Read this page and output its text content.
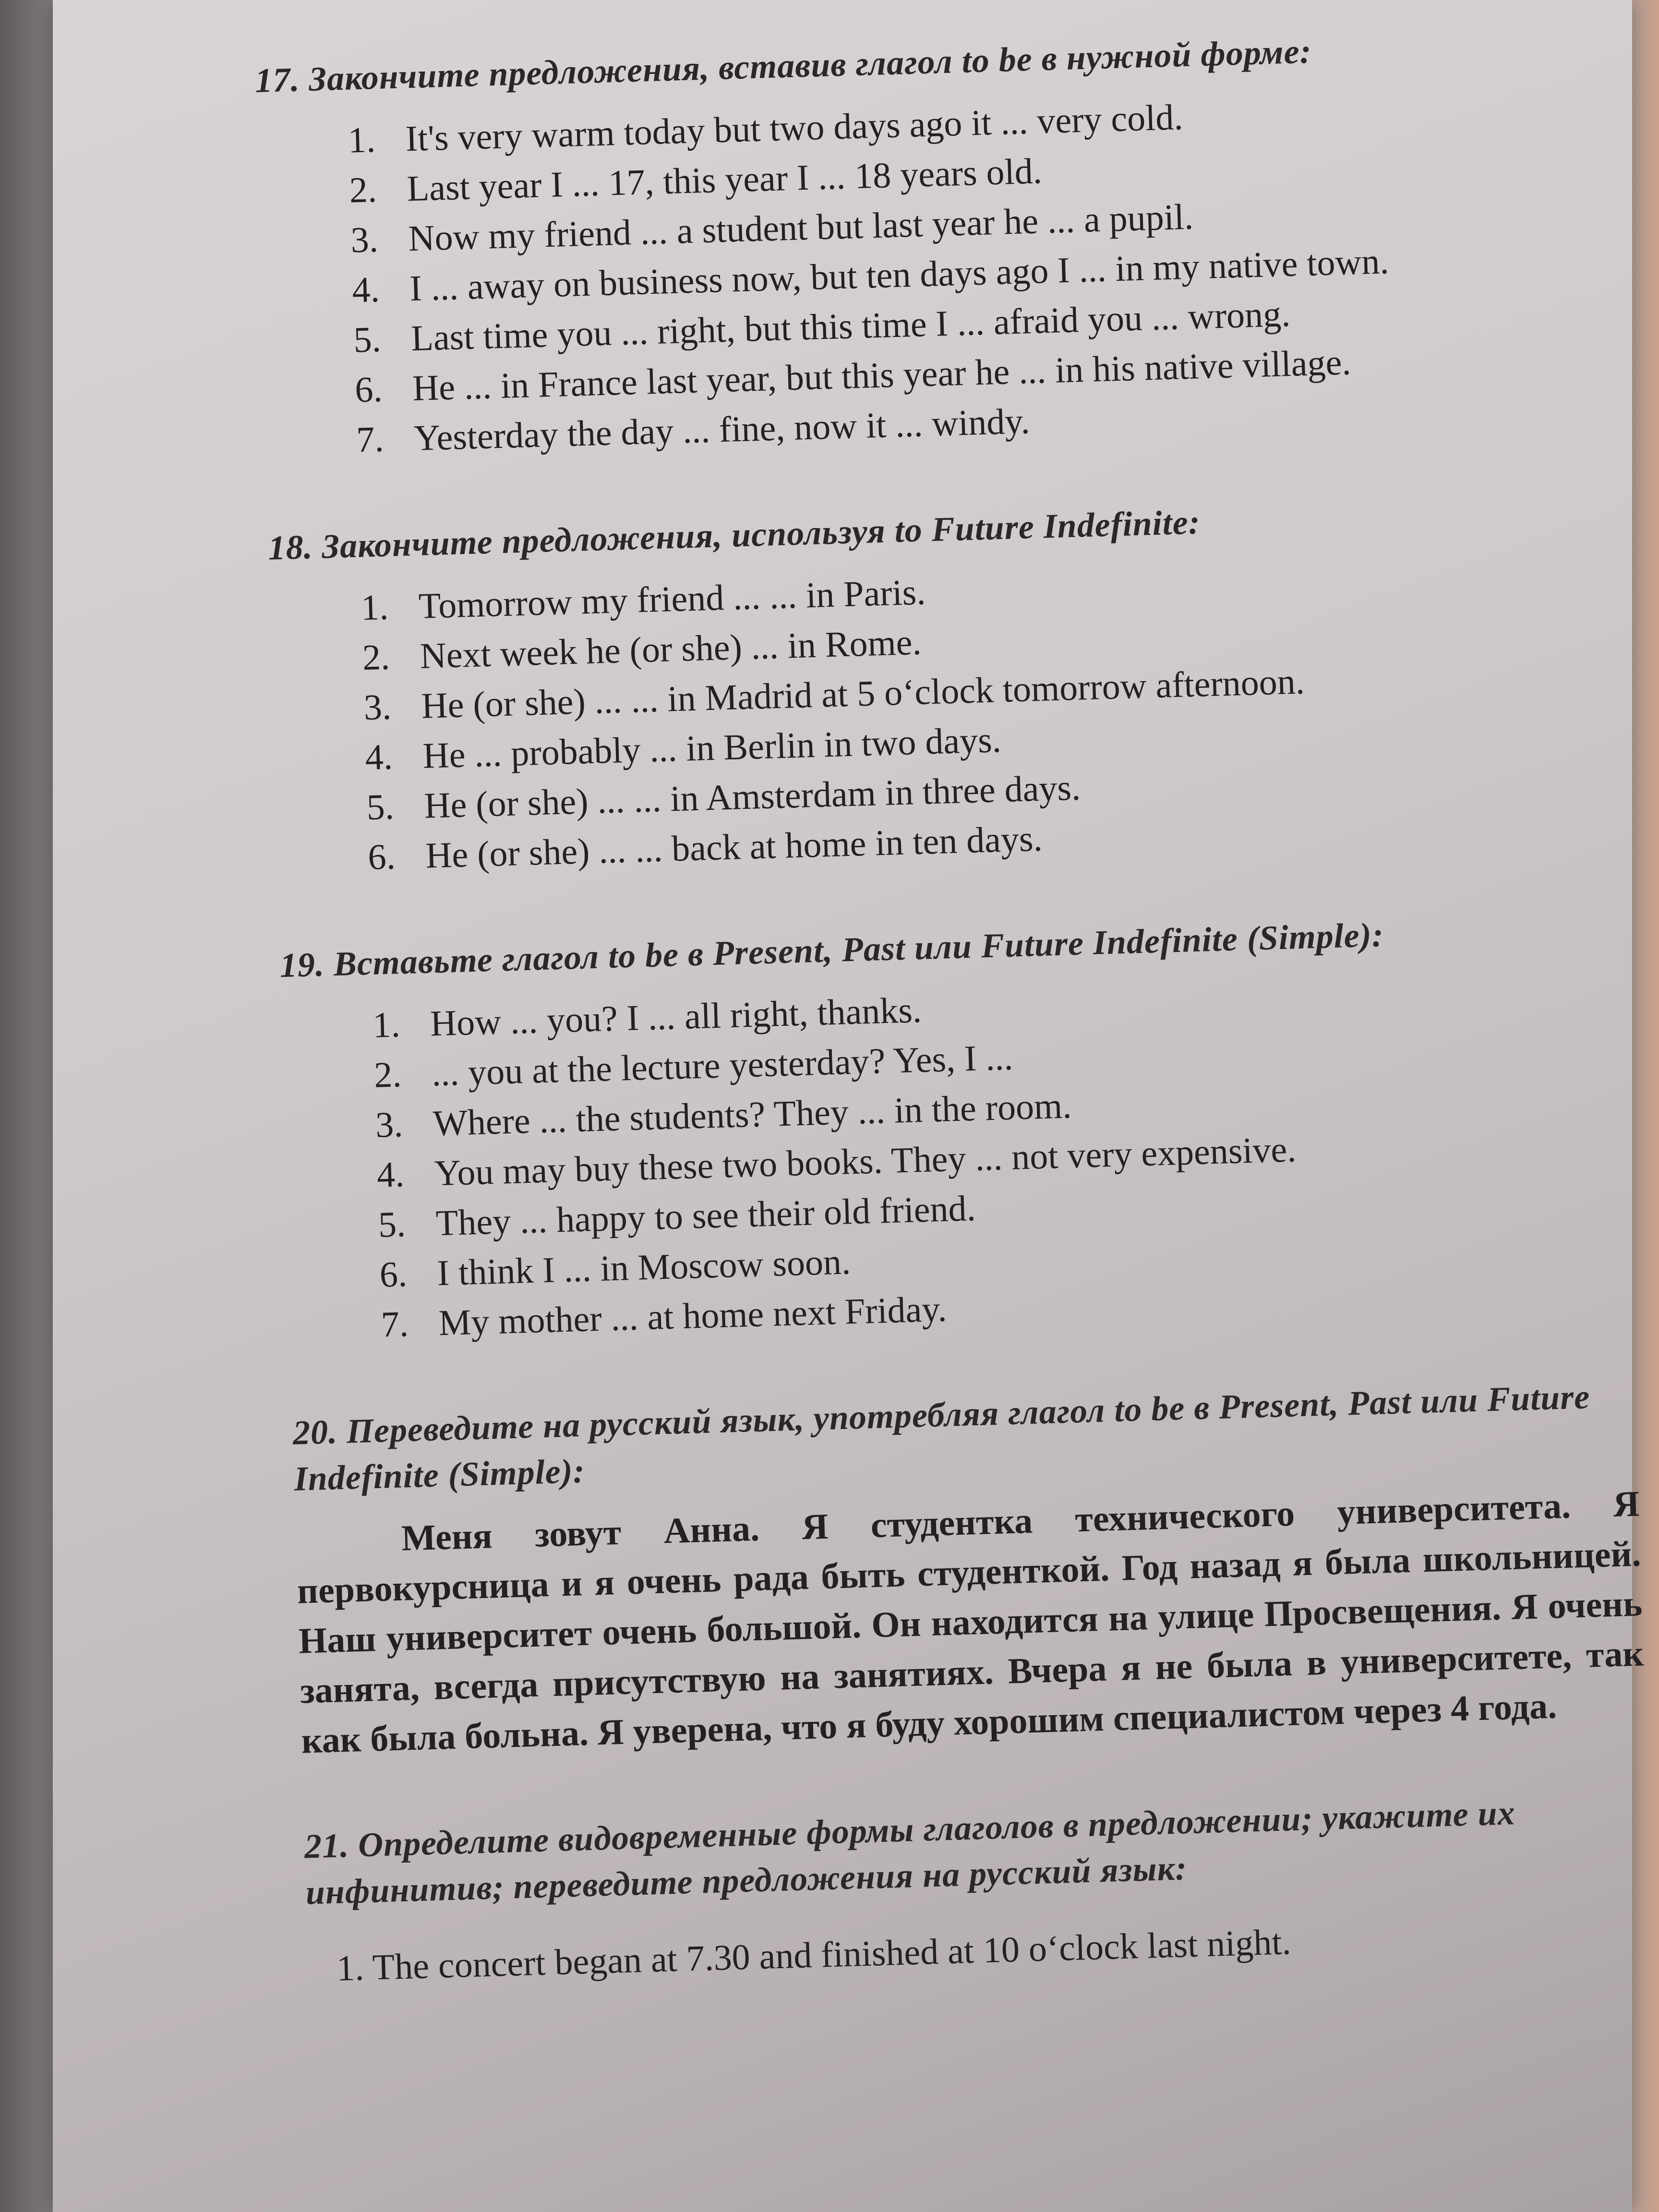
17. Закончите предложения, вставив глагол to be в нужной форме:
1. It's very warm today but two days ago it ... very cold.
2. Last year I ... 17, this year I ... 18 years old.
3. Now my friend ... a student but last year he ... a pupil.
4. I ... away on business now, but ten days ago I ... in my native town.
5. Last time you ... right, but this time I ... afraid you ... wrong.
6. He ... in France last year, but this year he ... in his native village.
7. Yesterday the day ... fine, now it ... windy.
18. Закончите предложения, используя to Future Indefinite:
1. Tomorrow my friend ... ... in Paris.
2. Next week he (or she) ... in Rome.
3. He (or she) ... ... in Madrid at 5 o‘clock tomorrow afternoon.
4. He ... probably ... in Berlin in two days.
5. He (or she) ... ... in Amsterdam in three days.
6. He (or she) ... ... back at home in ten days.
19. Вставьте глагол to be в Present, Past или Future Indefinite (Simple):
1. How ... you? I ... all right, thanks.
2. ... you at the lecture yesterday? Yes, I ...
3. Where ... the students? They ... in the room.
4. You may buy these two books. They ... not very expensive.
5. They ... happy to see their old friend.
6. I think I ... in Moscow soon.
7. My mother ... at home next Friday.
20. Переведите на русский язык, употребляя глагол to be в Present, Past или Future Indefinite (Simple):
Меня зовут Анна. Я студентка технического университета. Я первокурсница и я очень рада быть студенткой. Год назад я была школьницей. Наш университет очень большой. Он находится на улице Просвещения. Я очень занята, всегда присутствую на занятиях. Вчера я не была в университете, так как была больна. Я уверена, что я буду хорошим специалистом через 4 года.
21. Определите видовременные формы глаголов в предложении; укажите их инфинитив; переведите предложения на русский язык:
1. The concert began at 7.30 and finished at 10 o‘clock last night.
